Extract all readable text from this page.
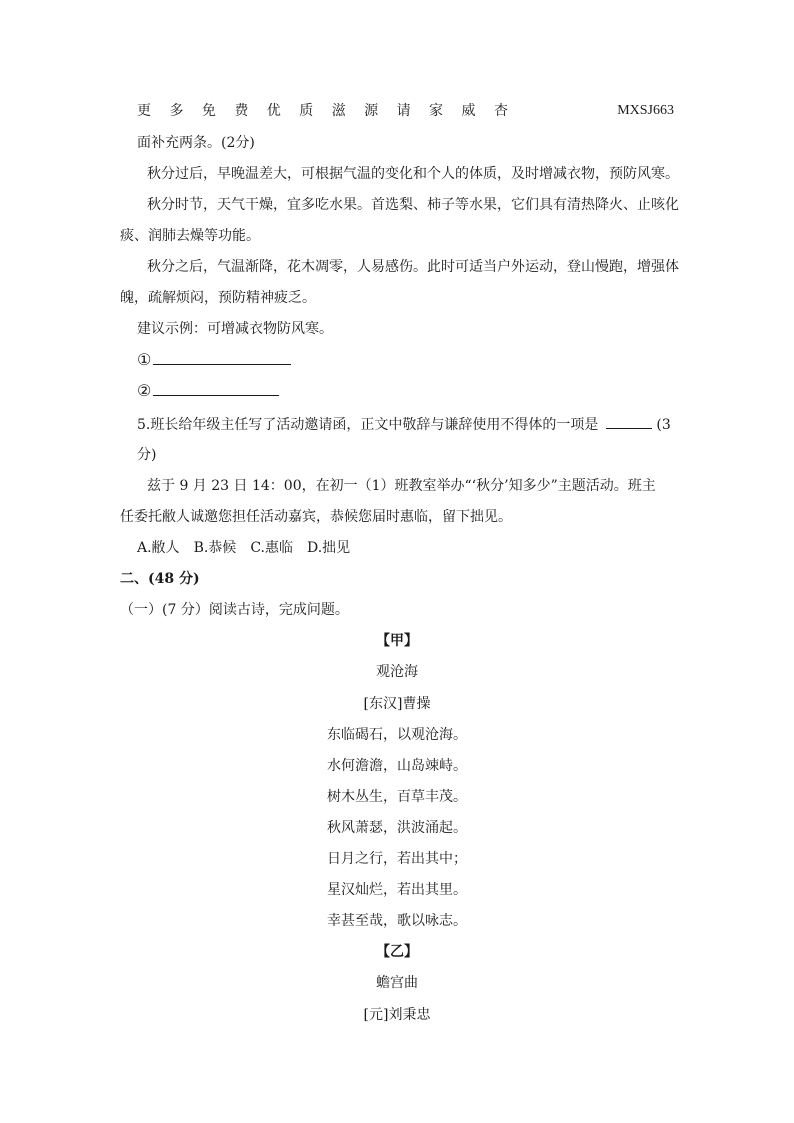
更 多 免 费 优 质 滋 源 请 家 威 杏	MXSJ663
面补充两条。(2分)
秋分过后，早晚温差大，可根据气温的变化和个人的体质，及时增减衣物，预防风寒。
秋分时节，天气干燥，宜多吃水果。首选梨、柿子等水果，它们具有清热降火、止咳化
痰、润肺去燥等功能。
秋分之后，气温渐降，花木凋零，人易感伤。此时可适当户外运动，登山慢跑，增强体
魄，疏解烦闷，预防精神疲乏。
建议示例：可增减衣物防风寒。
①
②
5.班长给年级主任写了活动邀请函，正文中敬辞与谦辞使用不得体的一项是	(3
分)
兹于 9 月 23 日 14：00，在初一（1）班教室举办“‘秋分’知多少”主题活动。班主
任委托敝人诚邀您担任活动嘉宾，恭候您届时惠临，留下拙见。
A.敝人 B.恭候 C.惠临 D.拙见
二、(48 分)
（一）(7 分）阅读古诗，完成问题。
【甲】
观沧海
[东汉]曹操
东临碣石，以观沧海。
水何澹澹，山岛竦峙。
树木丛生，百草丰茂。
秋风萧瑟，洪波涌起。
日月之行，若出其中；
星汉灿烂，若出其里。
幸甚至哉，歌以咏志。
【乙】
蟾宫曲
[元]刘秉忠
